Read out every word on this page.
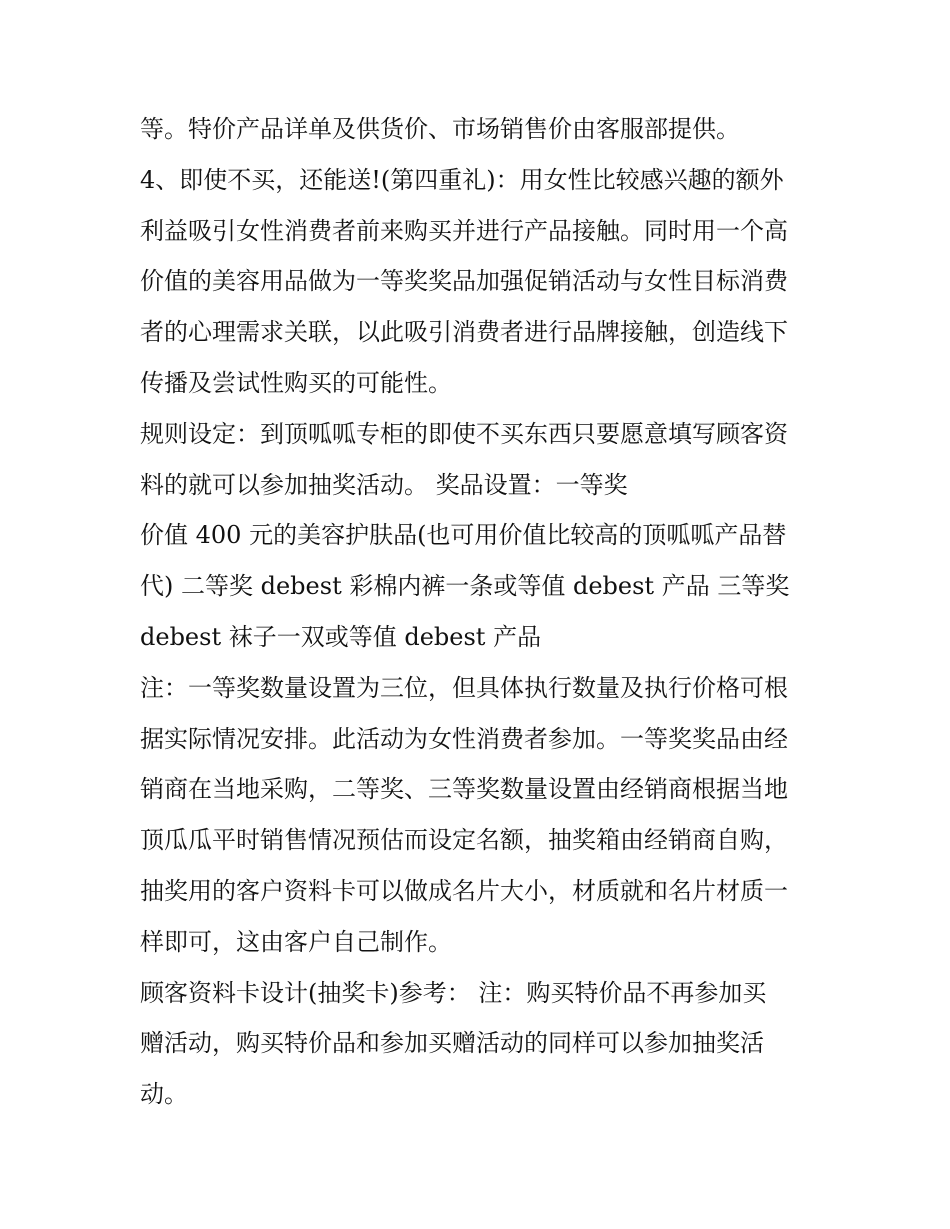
等。特价产品详单及供货价、市场销售价由客服部提供。
4、即使不买，还能送!(第四重礼)：用女性比较感兴趣的额外
利益吸引女性消费者前来购买并进行产品接触。同时用一个高
价值的美容用品做为一等奖奖品加强促销活动与女性目标消费
者的心理需求关联，以此吸引消费者进行品牌接触，创造线下
传播及尝试性购买的可能性。
规则设定：到顶呱呱专柜的即使不买东西只要愿意填写顾客资
料的就可以参加抽奖活动。 奖品设置：一等奖
价值 400 元的美容护肤品(也可用价值比较高的顶呱呱产品替
代) 二等奖 debest 彩棉内裤一条或等值 debest 产品 三等奖
debest 袜子一双或等值 debest 产品
注：一等奖数量设置为三位，但具体执行数量及执行价格可根
据实际情况安排。此活动为女性消费者参加。一等奖奖品由经
销商在当地采购，二等奖、三等奖数量设置由经销商根据当地
顶瓜瓜平时销售情况预估而设定名额，抽奖箱由经销商自购，
抽奖用的客户资料卡可以做成名片大小，材质就和名片材质一
样即可，这由客户自己制作。
顾客资料卡设计(抽奖卡)参考： 注：购买特价品不再参加买
赠活动，购买特价品和参加买赠活动的同样可以参加抽奖活
动。
